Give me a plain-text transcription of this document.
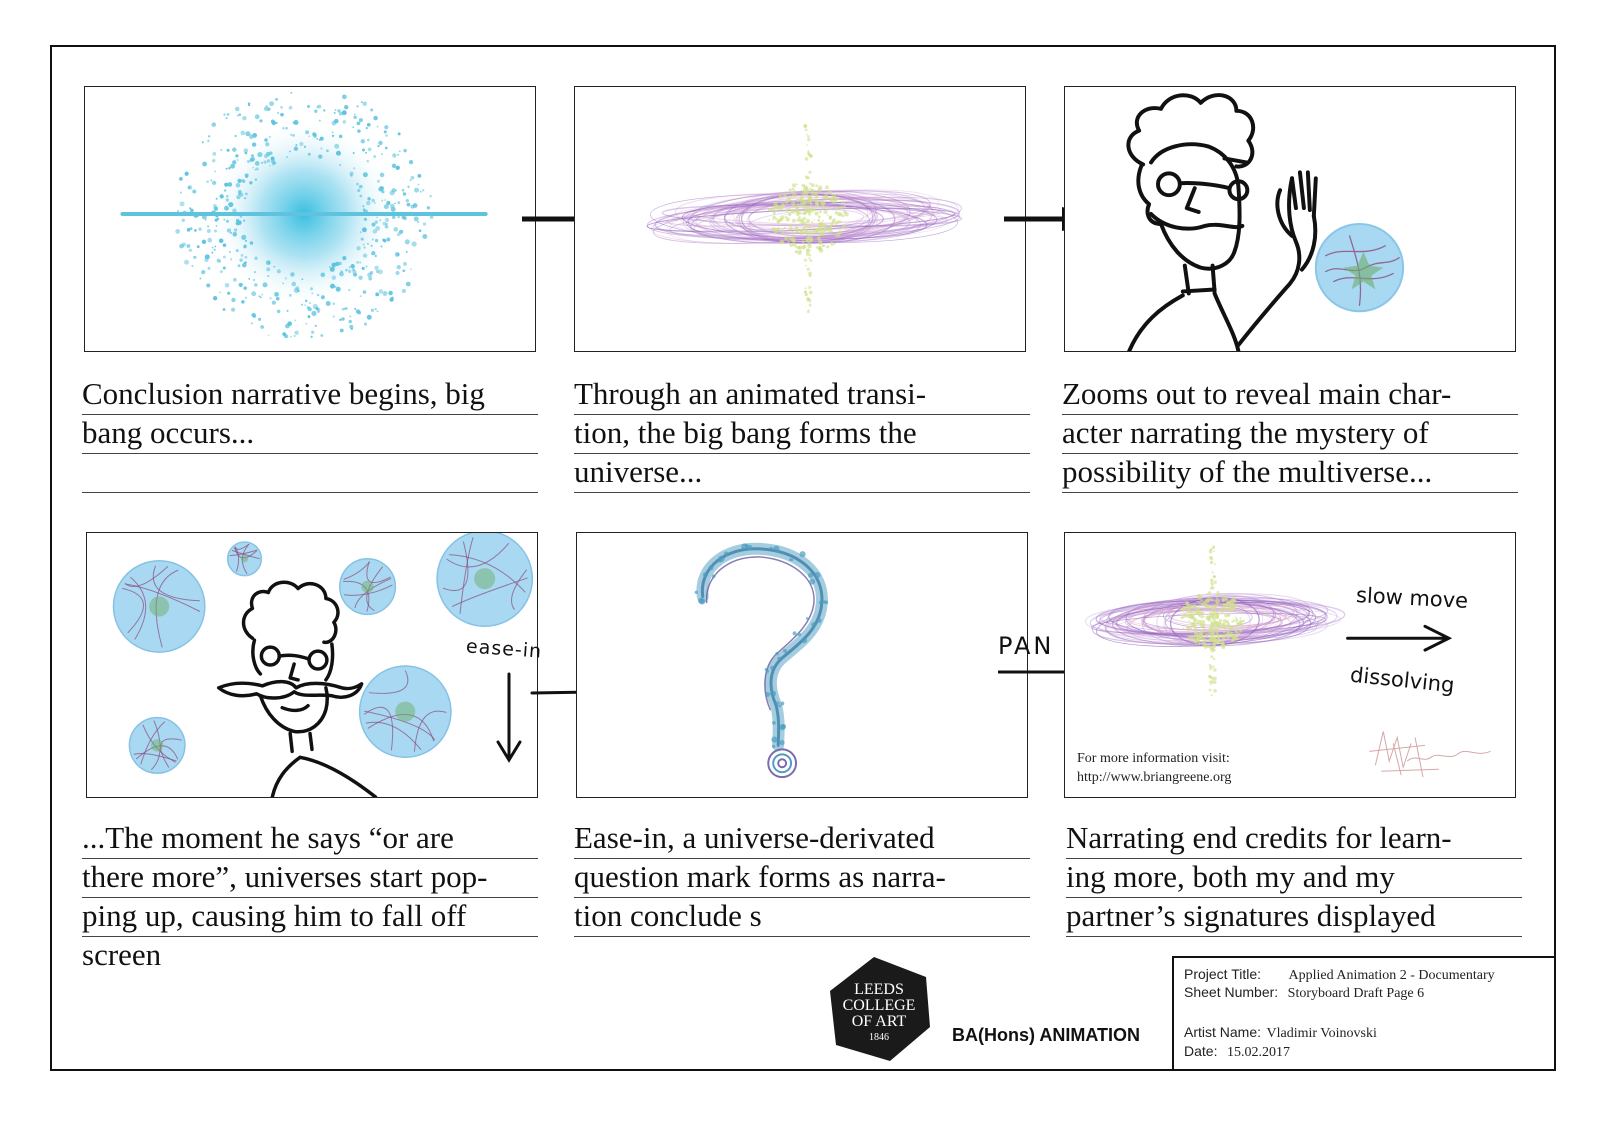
ease-in	PAN
slow move
dissolving
For more information visit:
http://www.briangreene.org
Conclusion narrative begins, big
bang occurs...
Through an animated transi-
tion, the big bang forms the
universe...
Zooms out to reveal main char-
acter narrating the mystery of
possibility of the multiverse...
...The moment he says “or are
there more”, universes start pop-
ping up, causing him to fall off
screen
Ease-in, a universe-derivated
question mark forms as narra-
tion conclude s
Narrating end credits for learn-
ing more, both my and my
partner’s signatures displayed
LEEDS
COLLEGE
OF ART
1846	BA(Hons) ANIMATION
Project Title: Applied Animation 2 - Documentary
Sheet Number: Storyboard Draft Page 6
Artist Name: Vladimir Voinovski
Date: 15.02.2017
